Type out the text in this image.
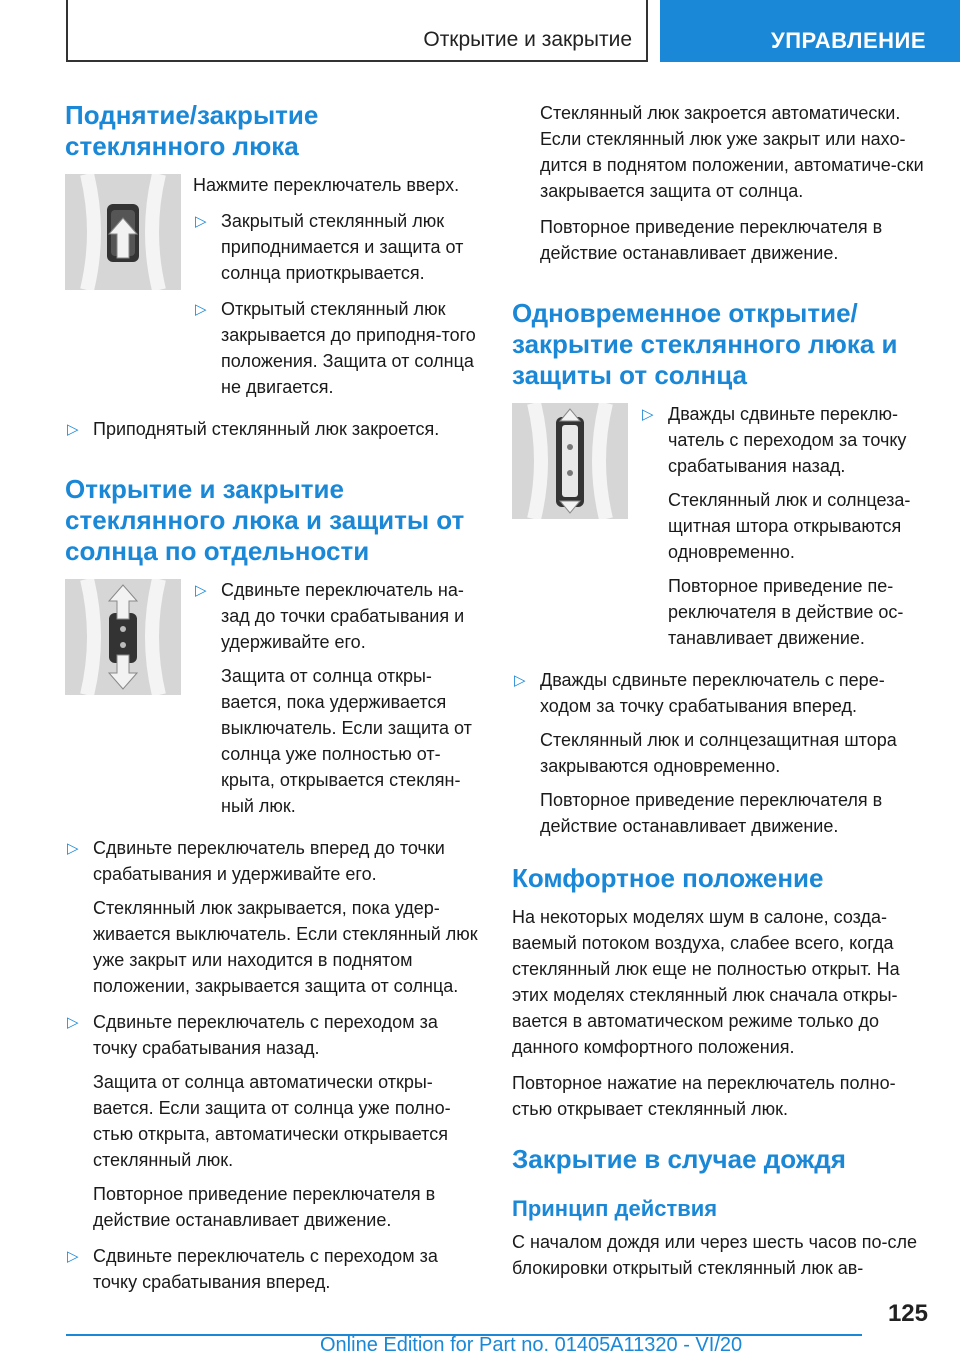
Открытие и закрытие	УПРАВЛЕНИЕ
Поднятие/закрытие стеклянного люка

Нажмите переключатель вверх.

▷ Закрытый стеклянный люк приподнимается и защита от солнца приоткрывается.

▷ Открытый стеклянный люк закрывается до приподня-того положения. Защита от солнца не двигается.

▷ Приподнятый стеклянный люк закроется.

Открытие и закрытие стеклянного люка и защиты от солнца по отдельности
▷ Сдвиньте переключатель на-зад до точки срабатывания и удерживайте его.

Защита от солнца откры-вается, пока удерживается выключатель. Если защита от солнца уже полностью от-крыта, открывается стеклян-ный люк.

▷ Сдвиньте переключатель вперед до точки срабатывания и удерживайте его.

Стеклянный люк закрывается, пока удер-живается выключатель. Если стеклянный люк уже закрыт или находится в поднятом положении, закрывается защита от солнца.

▷ Сдвиньте переключатель с переходом за точку срабатывания назад.

Защита от солнца автоматически откры-вается. Если защита от солнца уже полно-стью открыта, автоматически открывается стеклянный люк.

Повторное приведение переключателя в действие останавливает движение.

▷ Сдвиньте переключатель с переходом за точку срабатывания вперед.

Стеклянный люк закроется автоматически. Если стеклянный люк уже закрыт или нахо-дится в поднятом положении, автоматиче-ски закрывается защита от солнца.

Повторное приведение переключателя в действие останавливает движение.

Одновременное открытие/ закрытие стеклянного люка и защиты от солнца
▷ Дважды сдвиньте переклю-чатель с переходом за точку срабатывания назад.

Стеклянный люк и солнцеза-щитная штора открываются одновременно.

Повторное приведение пе-реключателя в действие ос-танавливает движение.

▷ Дважды сдвиньте переключатель с пере-ходом за точку срабатывания вперед.

Стеклянный люк и солнцезащитная штора закрываются одновременно.

Повторное приведение переключателя в действие останавливает движение.

Комфортное положение

На некоторых моделях шум в салоне, созда-ваемый потоком воздуха, слабее всего, когда стеклянный люк еще не полностью открыт. На этих моделях стеклянный люк сначала откры-вается в автоматическом режиме только до данного комфортного положения.

Повторное нажатие на переключатель полно-стью открывает стеклянный люк.

Закрытие в случае дождя
Принцип действия

С началом дождя или через шесть часов по-сле блокировки открытый стеклянный люк ав-

125
Online Edition for Part no. 01405A11320 - VI/20
